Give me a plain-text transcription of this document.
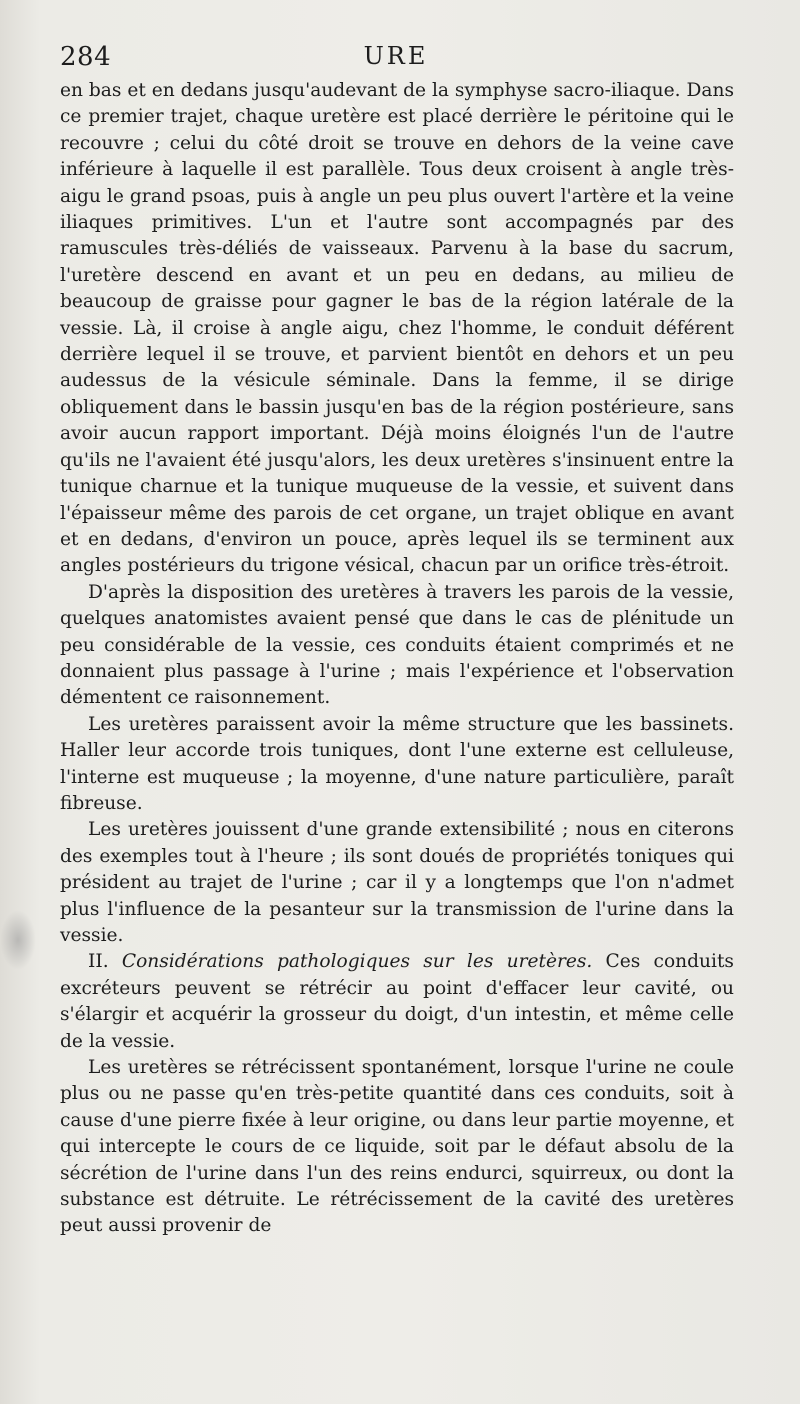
284	URE

en bas et en dedans jusqu'audevant de la symphyse sacro-iliaque. Dans ce premier trajet, chaque uretère est placé derrière le péritoine qui le recouvre ; celui du côté droit se trouve en dehors de la veine cave inférieure à laquelle il est parallèle. Tous deux croisent à angle très-aigu le grand psoas, puis à angle un peu plus ouvert l'artère et la veine iliaques primitives. L'un et l'autre sont accompagnés par des ramuscules très-déliés de vaisseaux. Parvenu à la base du sacrum, l'uretère descend en avant et un peu en dedans, au milieu de beaucoup de graisse pour gagner le bas de la région latérale de la vessie. Là, il croise à angle aigu, chez l'homme, le conduit déférent derrière lequel il se trouve, et parvient bientôt en dehors et un peu audessus de la vésicule séminale. Dans la femme, il se dirige obliquement dans le bassin jusqu'en bas de la région postérieure, sans avoir aucun rapport important. Déjà moins éloignés l'un de l'autre qu'ils ne l'avaient été jusqu'alors, les deux uretères s'insinuent entre la tunique charnue et la tunique muqueuse de la vessie, et suivent dans l'épaisseur même des parois de cet organe, un trajet oblique en avant et en dedans, d'environ un pouce, après lequel ils se terminent aux angles postérieurs du trigone vésical, chacun par un orifice très-étroit.

D'après la disposition des uretères à travers les parois de la vessie, quelques anatomistes avaient pensé que dans le cas de plénitude un peu considérable de la vessie, ces conduits étaient comprimés et ne donnaient plus passage à l'urine ; mais l'expérience et l'observation démentent ce raisonnement.

Les uretères paraissent avoir la même structure que les bassinets. Haller leur accorde trois tuniques, dont l'une externe est celluleuse, l'interne est muqueuse ; la moyenne, d'une nature particulière, paraît fibreuse.

Les uretères jouissent d'une grande extensibilité ; nous en citerons des exemples tout à l'heure ; ils sont doués de propriétés toniques qui président au trajet de l'urine ; car il y a longtemps que l'on n'admet plus l'influence de la pesanteur sur la transmission de l'urine dans la vessie.

II. Considérations pathologiques sur les uretères. Ces conduits excréteurs peuvent se rétrécir au point d'effacer leur cavité, ou s'élargir et acquérir la grosseur du doigt, d'un intestin, et même celle de la vessie.

Les uretères se rétrécissent spontanément, lorsque l'urine ne coule plus ou ne passe qu'en très-petite quantité dans ces conduits, soit à cause d'une pierre fixée à leur origine, ou dans leur partie moyenne, et qui intercepte le cours de ce liquide, soit par le défaut absolu de la sécrétion de l'urine dans l'un des reins endurci, squirreux, ou dont la substance est détruite. Le rétrécissement de la cavité des uretères peut aussi provenir de
